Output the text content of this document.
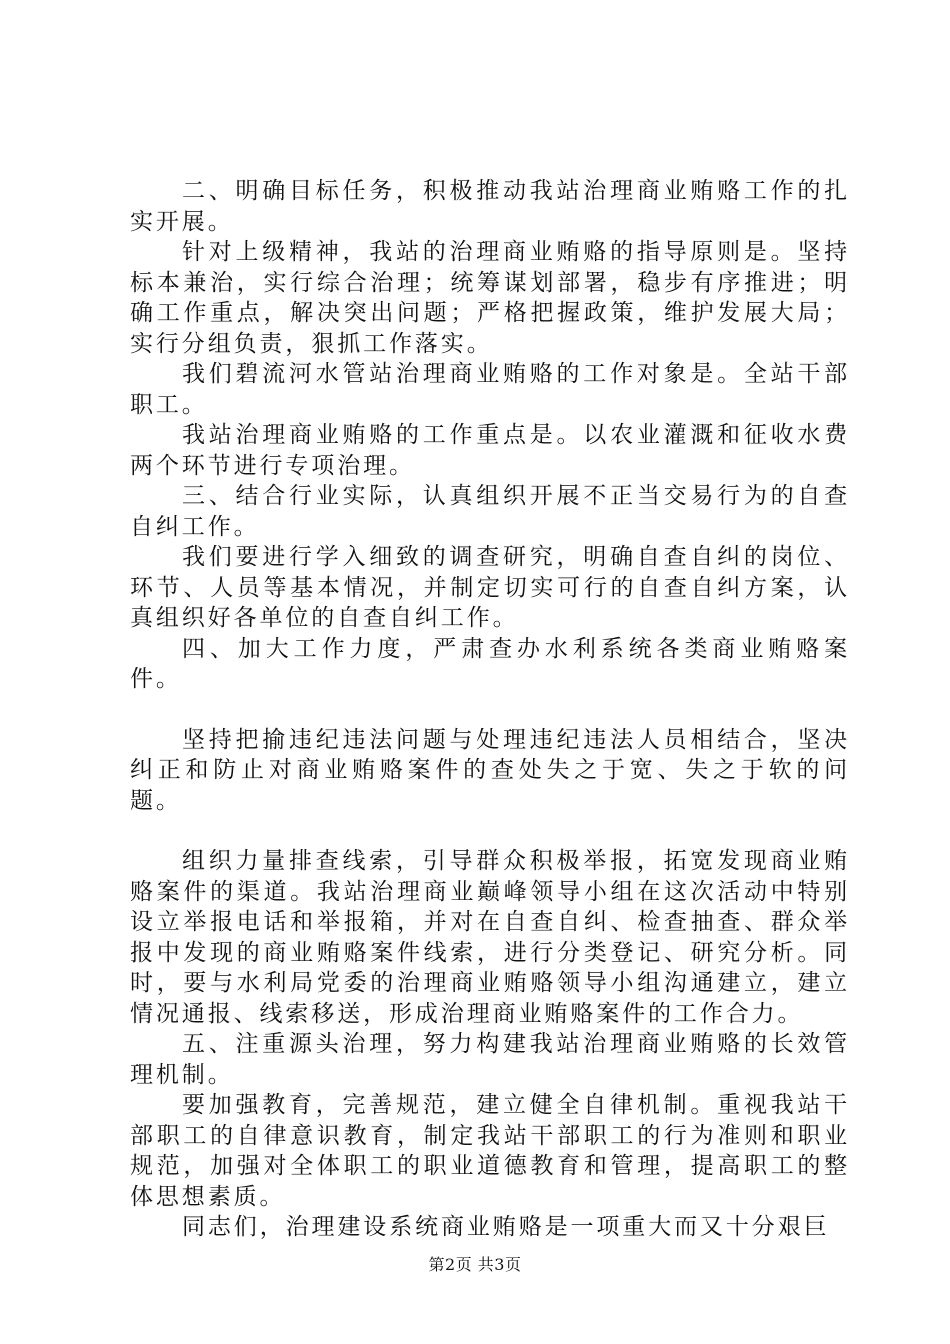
二、明确目标任务，积极推动我站治理商业贿赂工作的扎实开展。

针对上级精神，我站的治理商业贿赂的指导原则是。坚持标本兼治，实行综合治理；统筹谋划部署，稳步有序推进；明确工作重点，解决突出问题；严格把握政策，维护发展大局；实行分组负责，狠抓工作落实。

我们碧流河水管站治理商业贿赂的工作对象是。全站干部职工。

我站治理商业贿赂的工作重点是。以农业灌溉和征收水费两个环节进行专项治理。

三、结合行业实际，认真组织开展不正当交易行为的自查自纠工作。

我们要进行学入细致的调查研究，明确自查自纠的岗位、环节、人员等基本情况，并制定切实可行的自查自纠方案，认真组织好各单位的自查自纠工作。

四、加大工作力度，严肃查办水利系统各类商业贿赂案件。

坚持把揄违纪违法问题与处理违纪违法人员相结合，坚决纠正和防止对商业贿赂案件的查处失之于宽、失之于软的问题。

组织力量排查线索，引导群众积极举报，拓宽发现商业贿赂案件的渠道。我站治理商业巅峰领导小组在这次活动中特别设立举报电话和举报箱，并对在自查自纠、检查抽查、群众举报中发现的商业贿赂案件线索，进行分类登记、研究分析。同时，要与水利局党委的治理商业贿赂领导小组沟通建立，建立情况通报、线索移送，形成治理商业贿赂案件的工作合力。

五、注重源头治理，努力构建我站治理商业贿赂的长效管理机制。

要加强教育，完善规范，建立健全自律机制。重视我站干部职工的自律意识教育，制定我站干部职工的行为准则和职业规范，加强对全体职工的职业道德教育和管理，提高职工的整体思想素质。

同志们，治理建设系统商业贿赂是一项重大而又十分艰巨

第2页 共3页
